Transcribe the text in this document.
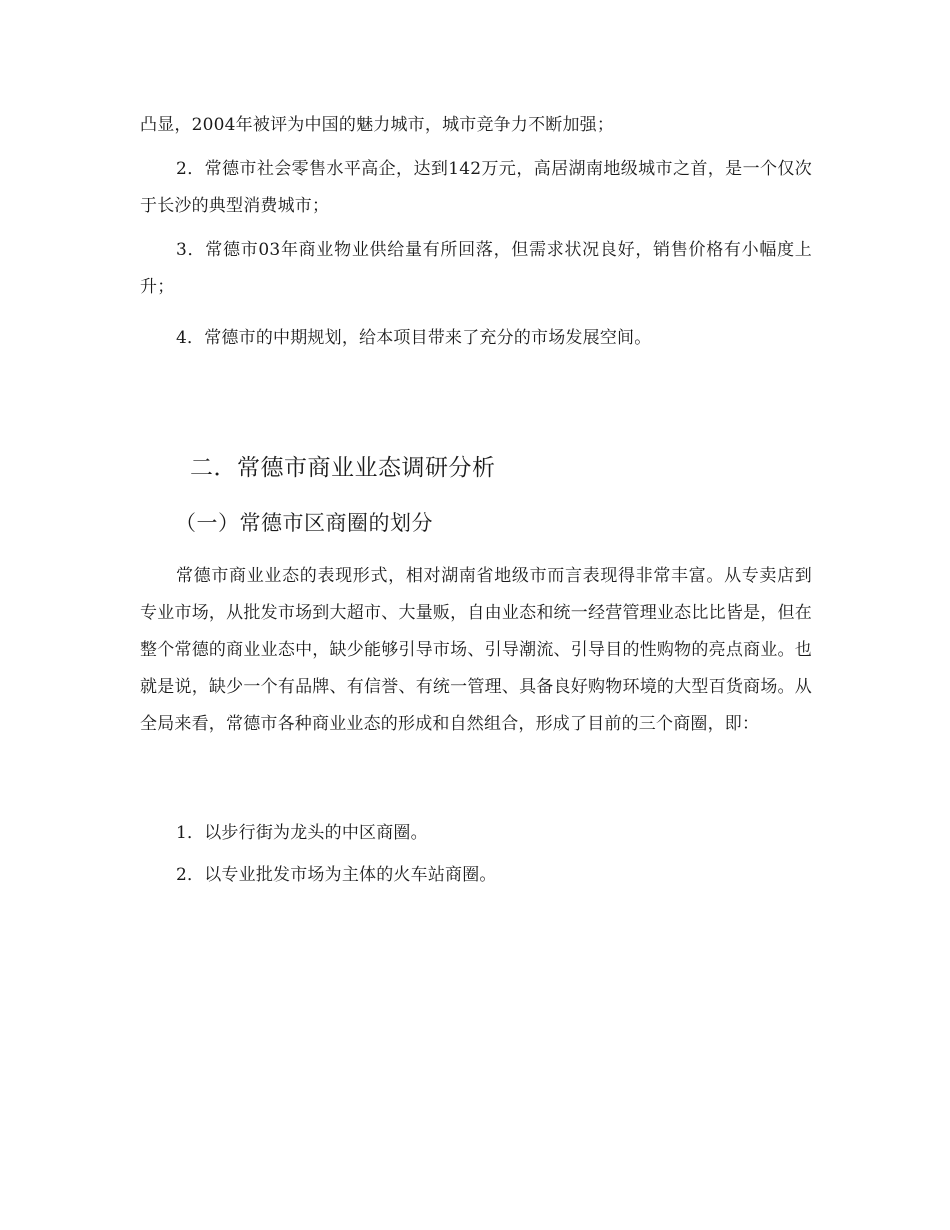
凸显，2004年被评为中国的魅力城市，城市竞争力不断加强；

2．常德市社会零售水平高企，达到142万元，高居湖南地级城市之首，是一个仅次于长沙的典型消费城市；

3．常德市03年商业物业供给量有所回落，但需求状况良好，销售价格有小幅度上升；

4．常德市的中期规划，给本项目带来了充分的市场发展空间。

二．常德市商业业态调研分析
（一）常德市区商圈的划分

常德市商业业态的表现形式，相对湖南省地级市而言表现得非常丰富。从专卖店到专业市场，从批发市场到大超市、大量贩，自由业态和统一经营管理业态比比皆是，但在整个常德的商业业态中，缺少能够引导市场、引导潮流、引导目的性购物的亮点商业。也就是说，缺少一个有品牌、有信誉、有统一管理、具备良好购物环境的大型百货商场。从全局来看，常德市各种商业业态的形成和自然组合，形成了目前的三个商圈，即：

1．以步行街为龙头的中区商圈。

2．以专业批发市场为主体的火车站商圈。
